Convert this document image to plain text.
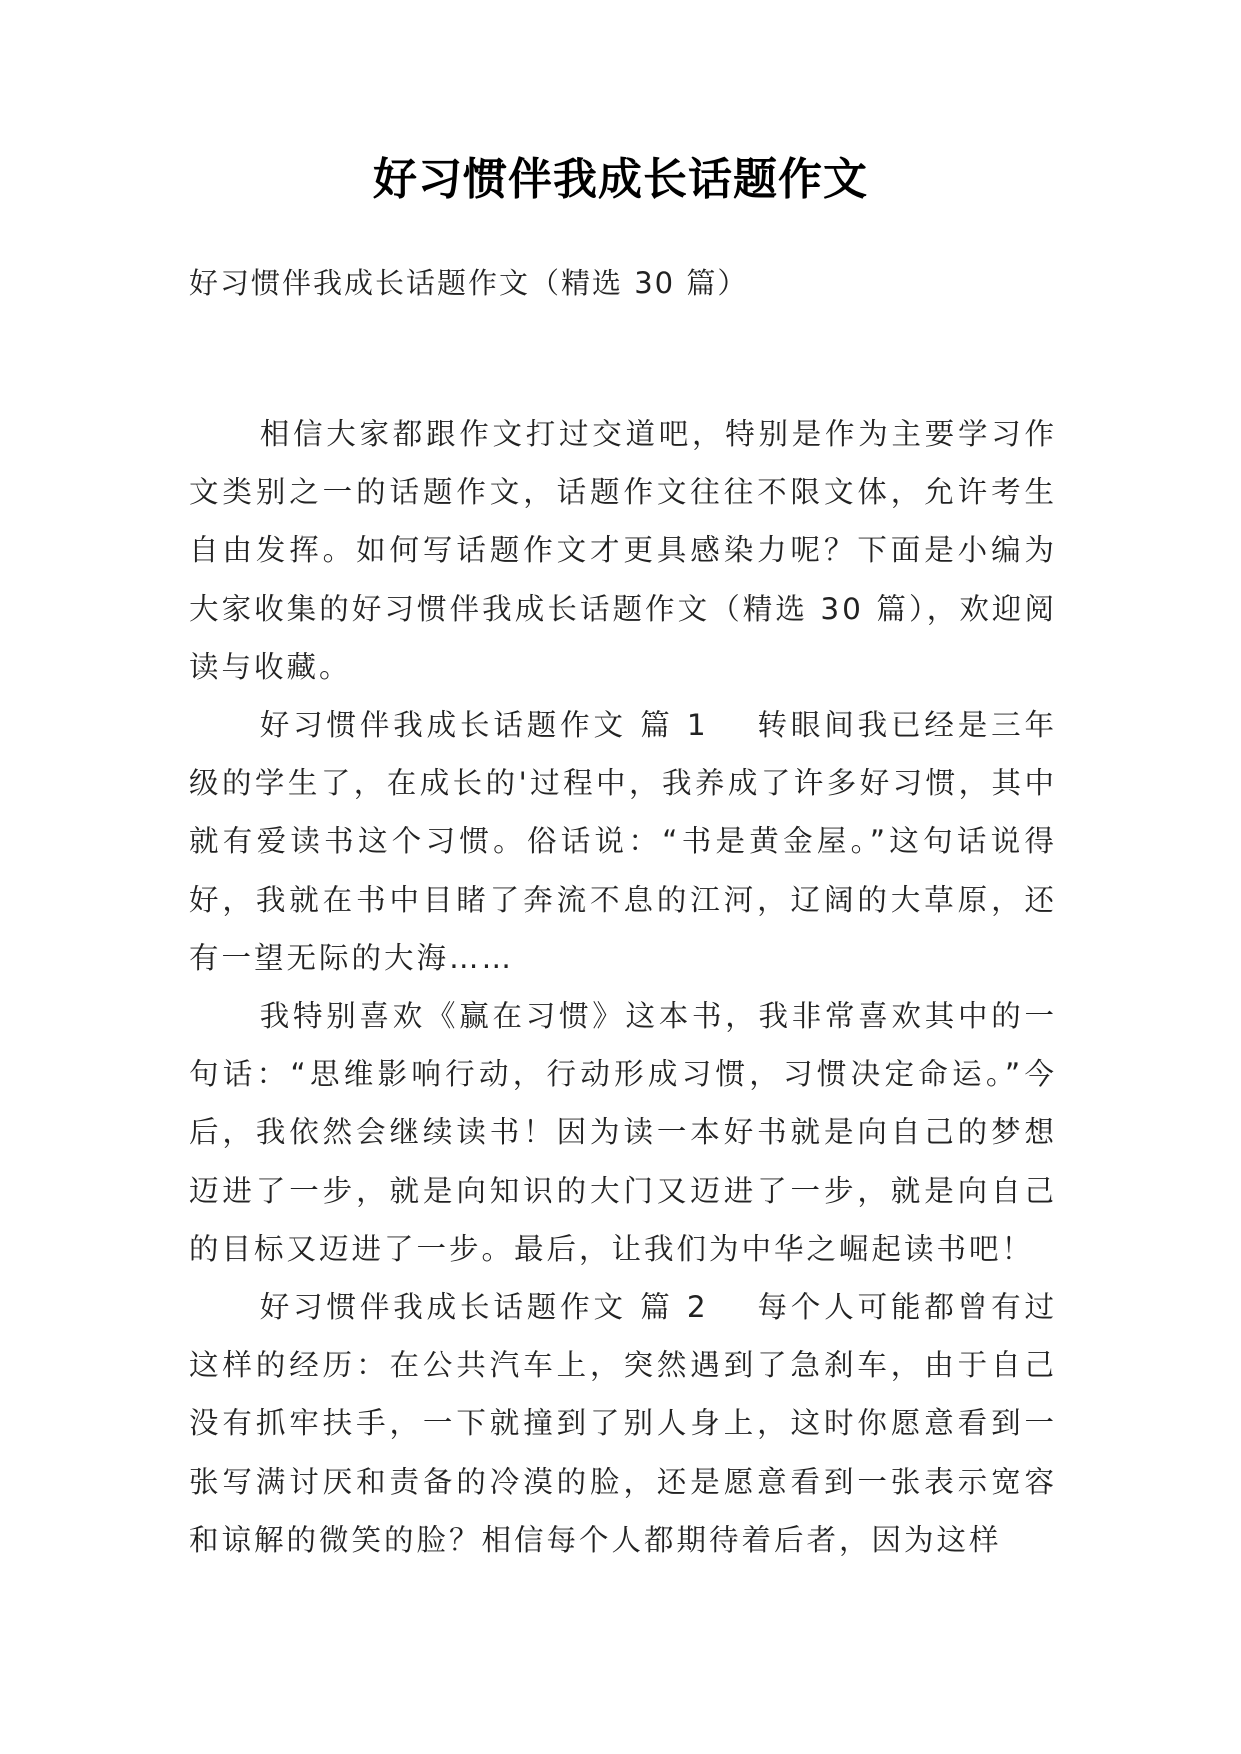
好习惯伴我成长话题作文

好习惯伴我成长话题作文（精选 30 篇）

相信大家都跟作文打过交道吧，特别是作为主要学习作文类别之一的话题作文，话题作文往往不限文体，允许考生自由发挥。如何写话题作文才更具感染力呢？下面是小编为大家收集的好习惯伴我成长话题作文（精选 30 篇），欢迎阅读与收藏。

好习惯伴我成长话题作文 篇 1 转眼间我已经是三年级的学生了，在成长的'过程中，我养成了许多好习惯，其中就有爱读书这个习惯。俗话说：“书是黄金屋。”这句话说得好，我就在书中目睹了奔流不息的江河，辽阔的大草原，还有一望无际的大海……

我特别喜欢《赢在习惯》这本书，我非常喜欢其中的一句话：“思维影响行动，行动形成习惯，习惯决定命运。”今后，我依然会继续读书！因为读一本好书就是向自己的梦想迈进了一步，就是向知识的大门又迈进了一步，就是向自己的目标又迈进了一步。最后，让我们为中华之崛起读书吧！

好习惯伴我成长话题作文 篇 2 每个人可能都曾有过这样的经历：在公共汽车上，突然遇到了急刹车，由于自己没有抓牢扶手，一下就撞到了别人身上，这时你愿意看到一张写满讨厌和责备的冷漠的脸，还是愿意看到一张表示宽容和谅解的微笑的脸？相信每个人都期待着后者，因为这样
